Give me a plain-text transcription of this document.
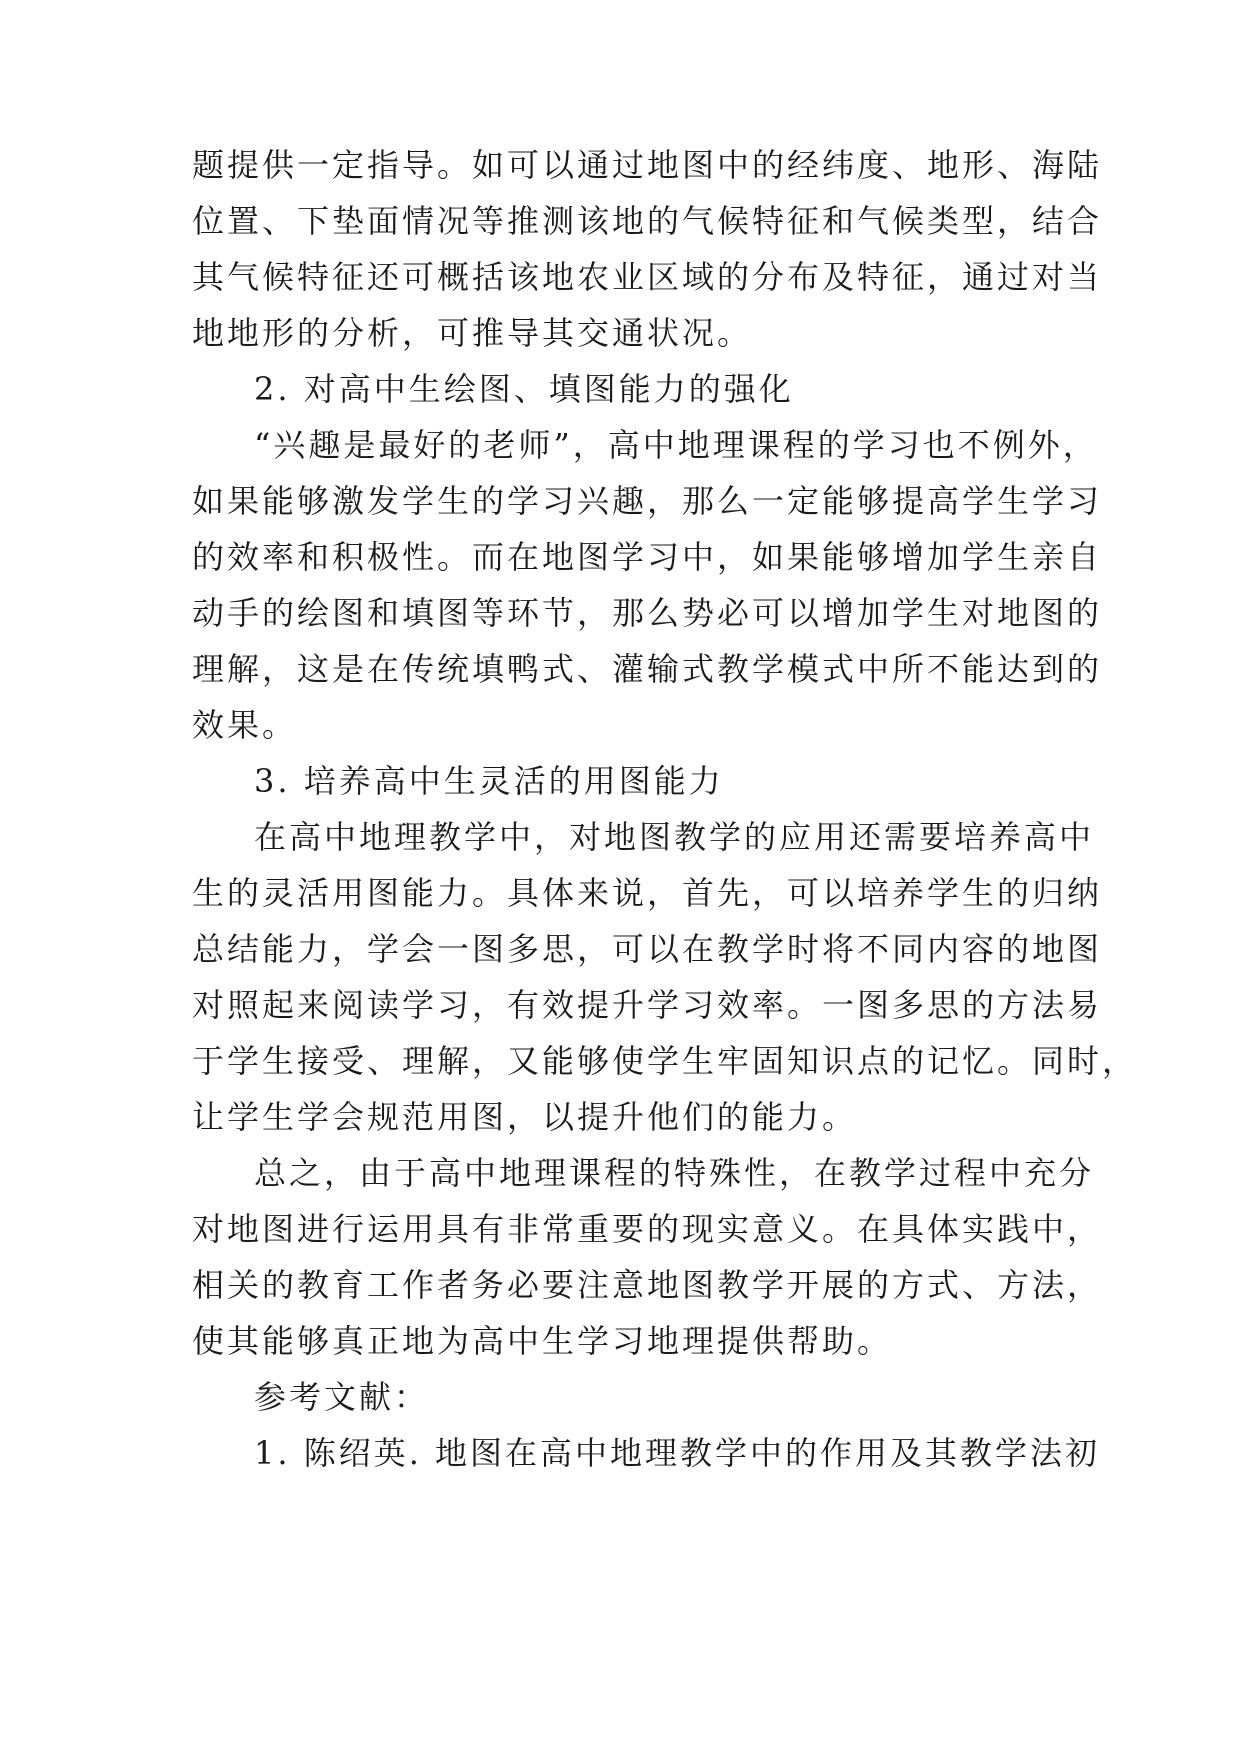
题提供一定指导。如可以通过地图中的经纬度、地形、海陆
位置、下垫面情况等推测该地的气候特征和气候类型，结合
其气候特征还可概括该地农业区域的分布及特征，通过对当
地地形的分析，可推导其交通状况。
2. 对高中生绘图、填图能力的强化
“兴趣是最好的老师”，高中地理课程的学习也不例外，
如果能够激发学生的学习兴趣，那么一定能够提高学生学习
的效率和积极性。而在地图学习中，如果能够增加学生亲自
动手的绘图和填图等环节，那么势必可以增加学生对地图的
理解，这是在传统填鸭式、灌输式教学模式中所不能达到的
效果。
3. 培养高中生灵活的用图能力
在高中地理教学中，对地图教学的应用还需要培养高中
生的灵活用图能力。具体来说，首先，可以培养学生的归纳
总结能力，学会一图多思，可以在教学时将不同内容的地图
对照起来阅读学习，有效提升学习效率。一图多思的方法易
于学生接受、理解，又能够使学生牢固知识点的记忆。同时，
让学生学会规范用图，以提升他们的能力。
总之，由于高中地理课程的特殊性，在教学过程中充分
对地图进行运用具有非常重要的现实意义。在具体实践中，
相关的教育工作者务必要注意地图教学开展的方式、方法，
使其能够真正地为高中生学习地理提供帮助。
参考文献：
1. 陈绍英. 地图在高中地理教学中的作用及其教学法初
